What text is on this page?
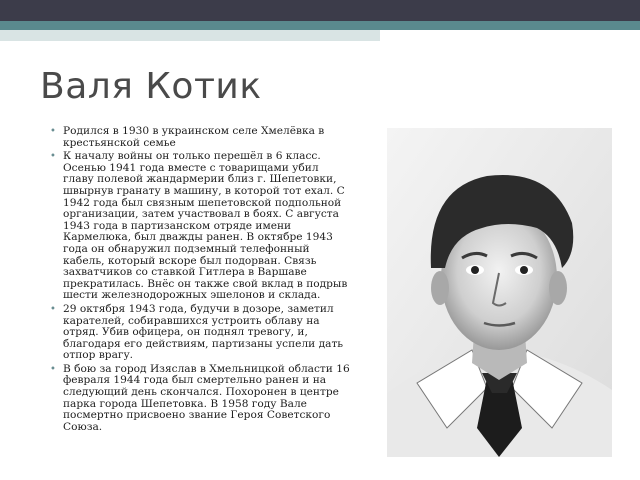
Валя Котик
• Родился в 1930 в украинском селе Хмелёвка в крестьянской семье
• К началу войны он только перешёл в 6 класс. Осенью 1941 года вместе с товарищами убил главу полевой жандармерии близ г. Шепетовки, швырнув гранату в машину, в которой тот ехал. С 1942 года был связным шепетовской подпольной организации, затем участвовал в боях. С августа 1943 года в партизанском отряде имени Кармелюка, был дважды ранен. В октябре 1943 года он обнаружил подземный телефонный кабель, который вскоре был подорван. Связь захватчиков со ставкой Гитлера в Варшаве прекратилась. Внёс он также свой вклад в подрыв шести железнодорожных эшелонов и склада.
• 29 октября 1943 года, будучи в дозоре, заметил карателей, собиравшихся устроить облаву на отряд. Убив офицера, он поднял тревогу, и, благодаря его действиям, партизаны успели дать отпор врагу.
• В бою за город Изяслав в Хмельницкой области 16 февраля 1944 года был смертельно ранен и на следующий день скончался. Похоронен в центре парка города Шепетовка. В 1958 году Вале посмертно присвоено звание Героя Советского Союза.
